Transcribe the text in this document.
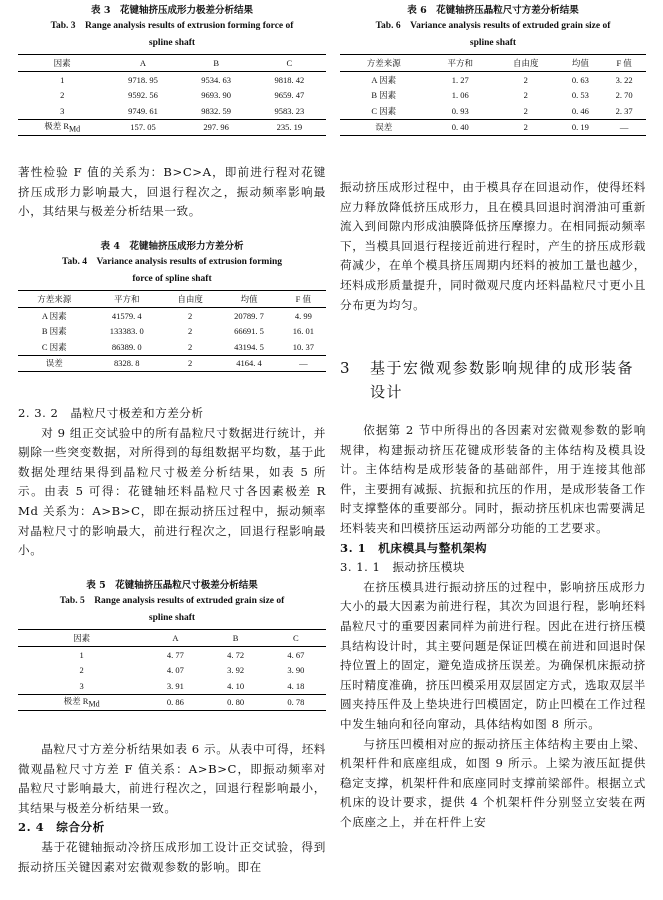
表 3　花键轴挤压成形力极差分析结果

Tab. 3　Range analysis results of extrusion forming force of

spline shaft

因素	A	B	C
1	9718. 95	9534. 63	9818. 42
2	9592. 56	9693. 90	9659. 47
3	9749. 61	9832. 59	9583. 23
极差 $R_{Md}$	157. 05	297. 96	235. 19

著性检验 F 值的关系为：B>C>A，即前进行程对花键挤压成形力影响最大，回退行程次之，振动频率影响最小，其结果与极差分析结果一致。

表 4　花键轴挤压成形力方差分析

Tab. 4　Variance analysis results of extrusion forming

force of spline shaft

方差来源	平方和	自由度	均值	F 值
A 因素	41579. 4	2	20789. 7	4. 99
B 因素	133383. 0	2	66691. 5	16. 01
C 因素	86389. 0	2	43194. 5	10. 37
误差	8328. 8	2	4164. 4	—

2. 3. 2　晶粒尺寸极差和方差分析

对 9 组正交试验中的所有晶粒尺寸数据进行统计，并剔除一些突变数据，对所得到的每组数据平均数，基于此数据处理结果得到晶粒尺寸极差分析结果，如表 5 所示。由表 5 可得：花键轴坯料晶粒尺寸各因素极差 R Md 关系为：A>B>C，即在振动挤压过程中，振动频率对晶粒尺寸的影响最大，前进行程次之，回退行程影响最小。

表 5　花键轴挤压晶粒尺寸极差分析结果

Tab. 5　Range analysis results of extruded grain size of

spline shaft

因素	A	B	C
1	4. 77	4. 72	4. 67
2	4. 07	3. 92	3. 90
3	3. 91	4. 10	4. 18
极差 $R_{Md}$	0. 86	0. 80	0. 78

晶粒尺寸方差分析结果如表 6 示。从表中可得，坯料微观晶粒尺寸方差 F 值关系：A>B>C，即振动频率对晶粒尺寸影响最大，前进行程次之，回退行程影响最小，其结果与极差分析结果一致。

2. 4　综合分析

基于花键轴振动冷挤压成形加工设计正交试验，得到振动挤压关键因素对宏微观参数的影响。即在

表 6　花键轴挤压晶粒尺寸方差分析结果

Tab. 6　Variance analysis results of extruded grain size of

spline shaft

方差来源	平方和	自由度	均值	F 值
A 因素	1. 27	2	0. 63	3. 22
B 因素	1. 06	2	0. 53	2. 70
C 因素	0. 93	2	0. 46	2. 37
误差	0. 40	2	0. 19	—

振动挤压成形过程中，由于模具存在回退动作，使得坯料应力释放降低挤压成形力，且在模具回退时润滑油可重新流入到间隙内形成油膜降低挤压摩擦力。在相同振动频率下，当模具回退行程接近前进行程时，产生的挤压成形载荷减少，在单个模具挤压周期内坯料的被加工量也越少，坯料成形质量提升，同时微观尺度内坯料晶粒尺寸更小且分布更为均匀。

3	基于宏微观参数影响规律的成形装备设计

依据第 2 节中所得出的各因素对宏微观参数的影响规律，构建振动挤压花键成形装备的主体结构及模具设计。主体结构是成形装备的基础部件，用于连接其他部件，主要拥有减振、抗振和抗压的作用，是成形装备工作时支撑整体的重要部分。同时，振动挤压机床也需要满足坯料装夹和凹模挤压运动两部分功能的工艺要求。

3. 1　机床模具与整机架构

3. 1. 1　振动挤压模块

在挤压模具进行振动挤压的过程中，影响挤压成形力大小的最大因素为前进行程，其次为回退行程，影响坯料晶粒尺寸的重要因素同样为前进行程。因此在进行挤压模具结构设计时，其主要问题是保证凹模在前进和回退时保持位置上的固定，避免造成挤压误差。为确保机床振动挤压时精度准确，挤压凹模采用双层固定方式，选取双层半圆夹持压件及上垫块进行凹模固定，防止凹模在工作过程中发生轴向和径向窜动，具体结构如图 8 所示。

与挤压凹模相对应的振动挤压主体结构主要由上梁、机架杆件和底座组成，如图 9 所示。上梁为液压缸提供稳定支撑，机架杆件和底座同时支撑前梁部件。根据立式机床的设计要求，提供 4 个机架杆件分别竖立安装在两个底座之上，并在杆件上安
